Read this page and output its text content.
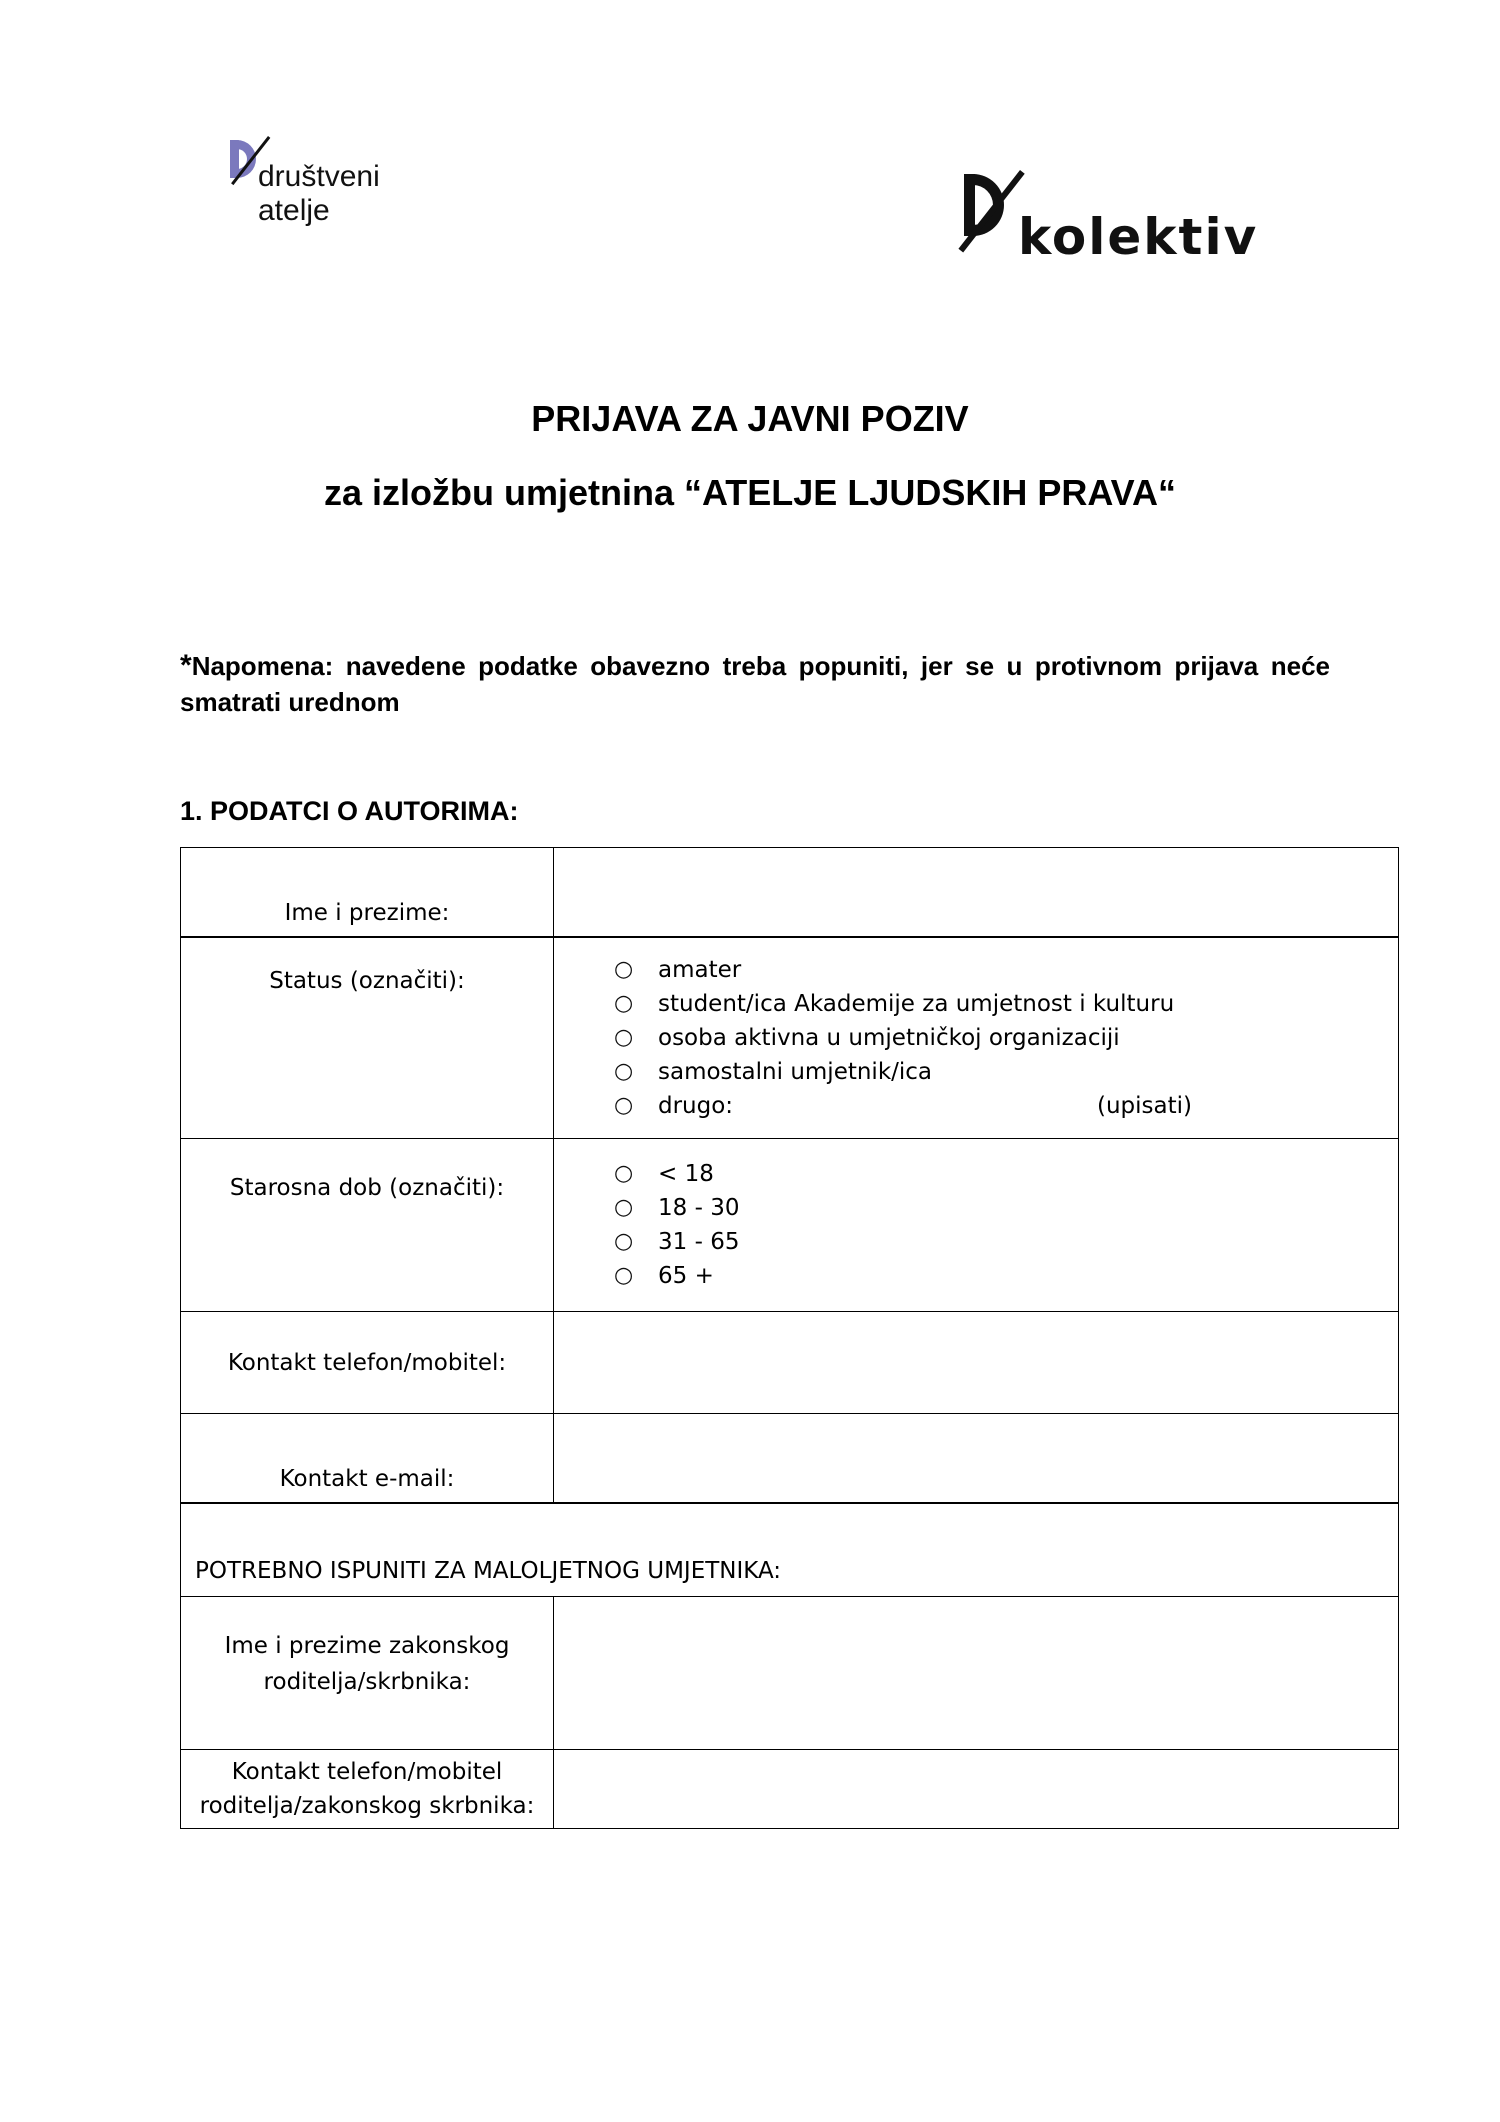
društveni
atelje	kolektiv
PRIJAVA ZA JAVNI POZIV
za izložbu umjetnina “ATELJE LJUDSKIH PRAVA“
*Napomena: navedene podatke obavezno treba popuniti, jer se u protivnom prijava neće smatrati urednom
1. PODATCI O AUTORIMA:
Ime i prezime:	
Status (označiti):	○	amater
○	student/ica Akademije za umjetnost i kulturu
○	osoba aktivna u umjetničkoj organizaciji
○	samostalni umjetnik/ica
○	drugo:	(upisati)

Starosna dob (označiti):	
○	< 18
○	18 - 30
○	31 - 65
○	65 +

Kontakt telefon/mobitel:	
Kontakt e-mail:	
POTREBNO ISPUNITI ZA MALOLJETNOG UMJETNIKA:	

Ime i prezime zakonskog
roditelja/skrbnika:	

Kontakt telefon/mobitel
roditelja/zakonskog skrbnika:	
